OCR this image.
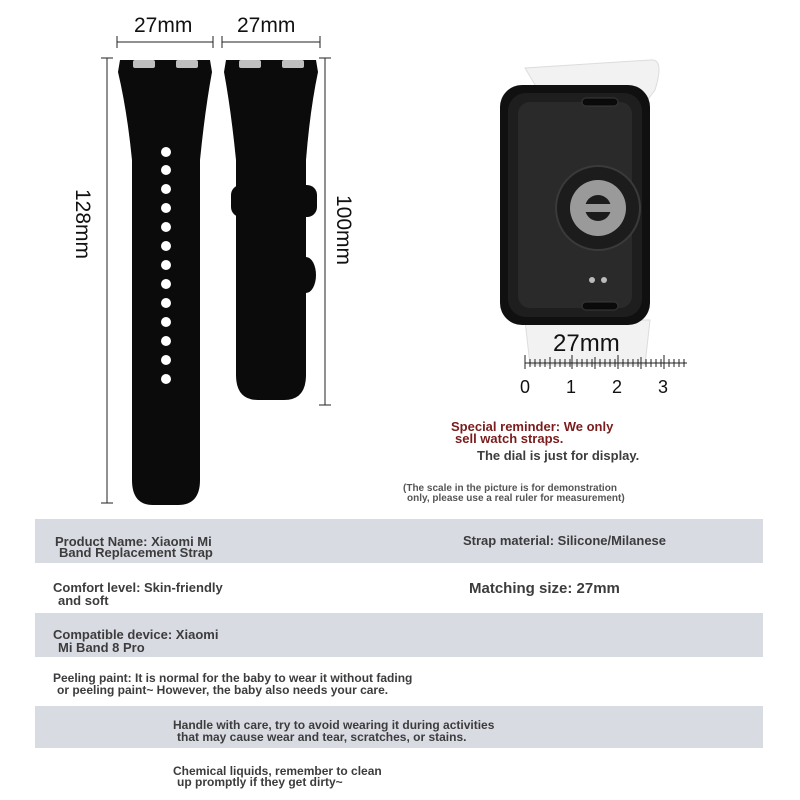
27mm 27mm
128mm	100mm
27mm
0 1 2 3
Special reminder: We only
sell watch straps.
The dial is just for display.
(The scale in the picture is for demonstration
only, please use a real ruler for measurement)
Product Name: Xiaomi Mi
Band Replacement Strap
Strap material: Silicone/Milanese
Comfort level: Skin-friendly
and soft
Matching size: 27mm
Compatible device: Xiaomi
Mi Band 8 Pro
Peeling paint: It is normal for the baby to wear it without fading
or peeling paint~ However, the baby also needs your care.
Handle with care, try to avoid wearing it during activities
that may cause wear and tear, scratches, or stains.
Chemical liquids, remember to clean
up promptly if they get dirty~
